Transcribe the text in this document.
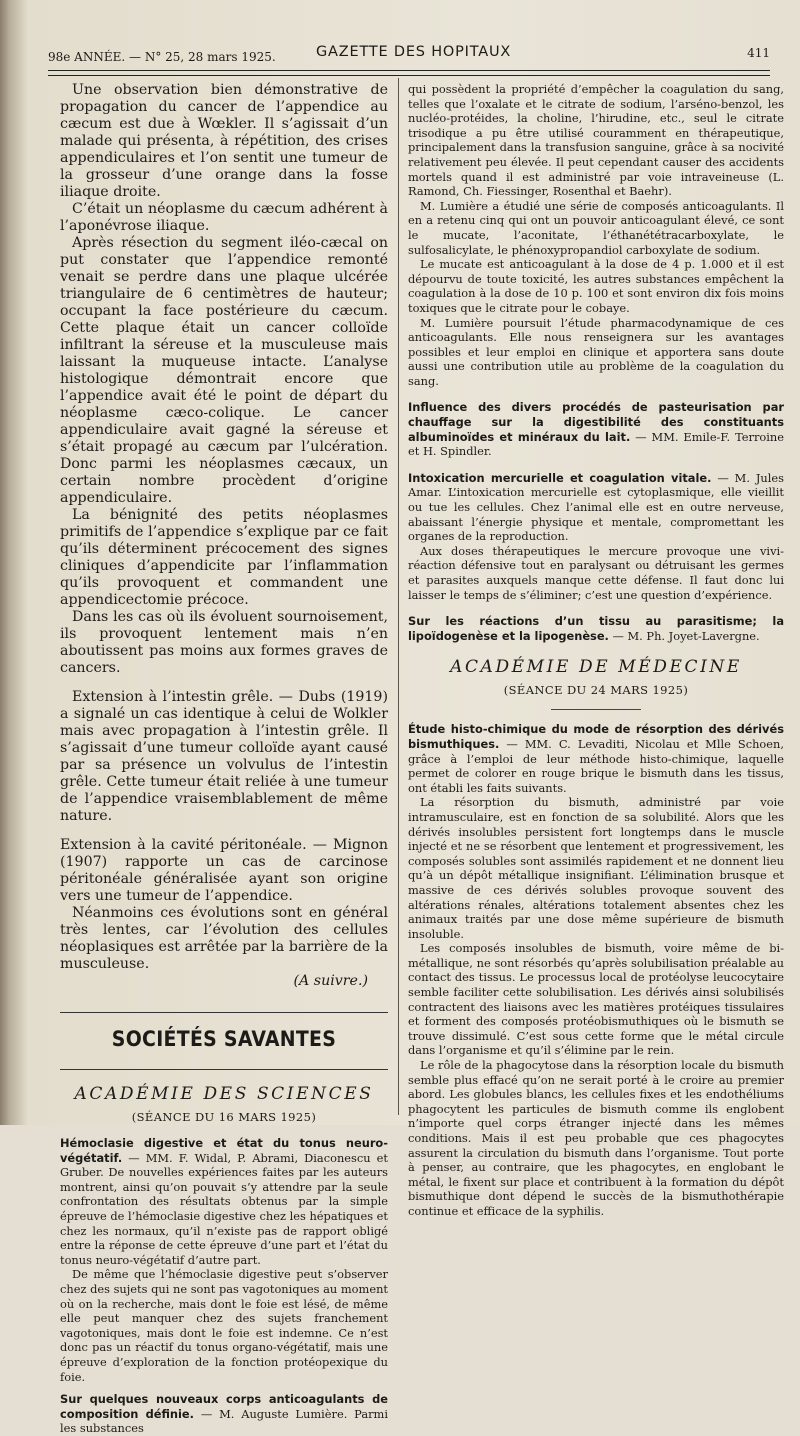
98e ANNÉE. — N° 25, 28 mars 1925.	GAZETTE DES HOPITAUX	411

Une observation bien démonstrative de propagation du cancer de l’appendice au cæcum est due à Wœkler. Il s’agissait d’un malade qui présenta, à répétition, des crises appendiculaires et l’on sentit une tumeur de la grosseur d’une orange dans la fosse iliaque droite.

C’était un néoplasme du cæcum adhérent à l’aponévrose iliaque.

Après résection du segment iléo-cæcal on put constater que l’appendice remonté venait se perdre dans une plaque ulcérée triangulaire de 6 centimètres de hauteur; occupant la face postérieure du cæcum. Cette plaque était un cancer colloïde infiltrant la séreuse et la musculeuse mais laissant la muqueuse intacte. L’analyse histologique démontrait encore que l’appendice avait été le point de départ du néoplasme cæco-colique. Le cancer appendiculaire avait gagné la séreuse et s’était propagé au cæcum par l’ulcération. Donc parmi les néoplasmes cæcaux, un certain nombre procèdent d’origine appendiculaire.

La bénignité des petits néoplasmes primitifs de l’appendice s’explique par ce fait qu’ils déterminent précocement des signes cliniques d’appendicite par l’inflammation qu’ils provoquent et commandent une appendicectomie précoce.

Dans les cas où ils évoluent sournoisement, ils provoquent lentement mais n’en aboutissent pas moins aux formes graves de cancers.

Extension à l’intestin grêle. — Dubs (1919) a signalé un cas identique à celui de Wolkler mais avec propagation à l’intestin grêle. Il s’agissait d’une tumeur colloïde ayant causé par sa présence un volvulus de l’intestin grêle. Cette tumeur était reliée à une tumeur de l’appendice vraisemblablement de même nature.

Extension à la cavité péritonéale. — Mignon (1907) rapporte un cas de carcinose péritonéale généralisée ayant son origine vers une tumeur de l’appendice.

Néanmoins ces évolutions sont en général très lentes, car l’évolution des cellules néoplasiques est arrêtée par la barrière de la musculeuse.

(A suivre.)

SOCIÉTÉS SAVANTES
ACADÉMIE DES SCIENCES
(SÉANCE DU 16 MARS 1925)

Hémoclasie digestive et état du tonus neuro-végétatif. — MM. F. Widal, P. Abrami, Diaconescu et Gruber. De nouvelles expériences faites par les auteurs montrent, ainsi qu’on pouvait s’y attendre par la seule confrontation des résultats obtenus par la simple épreuve de l’hémoclasie digestive chez les hépatiques et chez les normaux, qu’il n’existe pas de rapport obligé entre la réponse de cette épreuve d’une part et l’état du tonus neuro-végétatif d’autre part.

De même que l’hémoclasie digestive peut s’observer chez des sujets qui ne sont pas vagotoniques au moment où on la recherche, mais dont le foie est lésé, de même elle peut manquer chez des sujets franchement vagotoniques, mais dont le foie est indemne. Ce n’est donc pas un réactif du tonus organo-végétatif, mais une épreuve d’exploration de la fonction protéopexique du foie.

Sur quelques nouveaux corps anticoagulants de composition définie. — M. Auguste Lumière. Parmi les substances

qui possèdent la propriété d’empêcher la coagulation du sang, telles que l’oxalate et le citrate de sodium, l’arséno-benzol, les nucléo-protéides, la choline, l’hirudine, etc., seul le citrate trisodique a pu être utilisé couramment en thérapeutique, principalement dans la transfusion sanguine, grâce à sa nocivité relativement peu élevée. Il peut cependant causer des accidents mortels quand il est administré par voie intraveineuse (L. Ramond, Ch. Fiessinger, Rosenthal et Baehr).

M. Lumière a étudié une série de composés anticoagulants. Il en a retenu cinq qui ont un pouvoir anticoagulant élevé, ce sont le mucate, l’aconitate, l’éthanététracarboxylate, le sulfosalicylate, le phénoxypropandiol carboxylate de sodium.

Le mucate est anticoagulant à la dose de 4 p. 1.000 et il est dépourvu de toute toxicité, les autres substances empêchent la coagulation à la dose de 10 p. 100 et sont environ dix fois moins toxiques que le citrate pour le cobaye.

M. Lumière poursuit l’étude pharmacodynamique de ces anticoagulants. Elle nous renseignera sur les avantages possibles et leur emploi en clinique et apportera sans doute aussi une contribution utile au problème de la coagulation du sang.

Influence des divers procédés de pasteurisation par chauffage sur la digestibilité des constituants albuminoïdes et minéraux du lait. — MM. Emile-F. Terroine et H. Spindler.

Intoxication mercurielle et coagulation vitale. — M. Jules Amar. L’intoxication mercurielle est cytoplasmique, elle vieillit ou tue les cellules. Chez l’animal elle est en outre nerveuse, abaissant l’énergie physique et mentale, compromettant les organes de la reproduction.

Aux doses thérapeutiques le mercure provoque une vivi-réaction défensive tout en paralysant ou détruisant les germes et parasites auxquels manque cette défense. Il faut donc lui laisser le temps de s’éliminer; c’est une question d’expérience.

Sur les réactions d’un tissu au parasitisme; la lipoïdogenèse et la lipogenèse. — M. Ph. Joyet-Lavergne.

ACADÉMIE DE MÉDECINE
(SÉANCE DU 24 MARS 1925)

Étude histo-chimique du mode de résorption des dérivés bismuthiques. — MM. C. Levaditi, Nicolau et Mlle Schoen, grâce à l’emploi de leur méthode histo-chimique, laquelle permet de colorer en rouge brique le bismuth dans les tissus, ont établi les faits suivants.

La résorption du bismuth, administré par voie intramusculaire, est en fonction de sa solubilité. Alors que les dérivés insolubles persistent fort longtemps dans le muscle injecté et ne se résorbent que lentement et progressivement, les composés solubles sont assimilés rapidement et ne donnent lieu qu’à un dépôt métallique insignifiant. L’élimination brusque et massive de ces dérivés solubles provoque souvent des altérations rénales, altérations totalement absentes chez les animaux traités par une dose même supérieure de bismuth insoluble.

Les composés insolubles de bismuth, voire même de bi-métallique, ne sont résorbés qu’après solubilisation préalable au contact des tissus. Le processus local de protéolyse leucocytaire semble faciliter cette solubilisation. Les dérivés ainsi solubilisés contractent des liaisons avec les matières protéiques tissulaires et forment des composés protéobismuthiques où le bismuth se trouve dissimulé. C’est sous cette forme que le métal circule dans l’organisme et qu’il s’élimine par le rein.

Le rôle de la phagocytose dans la résorption locale du bismuth semble plus effacé qu’on ne serait porté à le croire au premier abord. Les globules blancs, les cellules fixes et les endothéliums phagocytent les particules de bismuth comme ils englobent n’importe quel corps étranger injecté dans les mêmes conditions. Mais il est peu probable que ces phagocytes assurent la circulation du bismuth dans l’organisme. Tout porte à penser, au contraire, que les phagocytes, en englobant le métal, le fixent sur place et contribuent à la formation du dépôt bismuthique dont dépend le succès de la bismuthothérapie continue et efficace de la syphilis.
